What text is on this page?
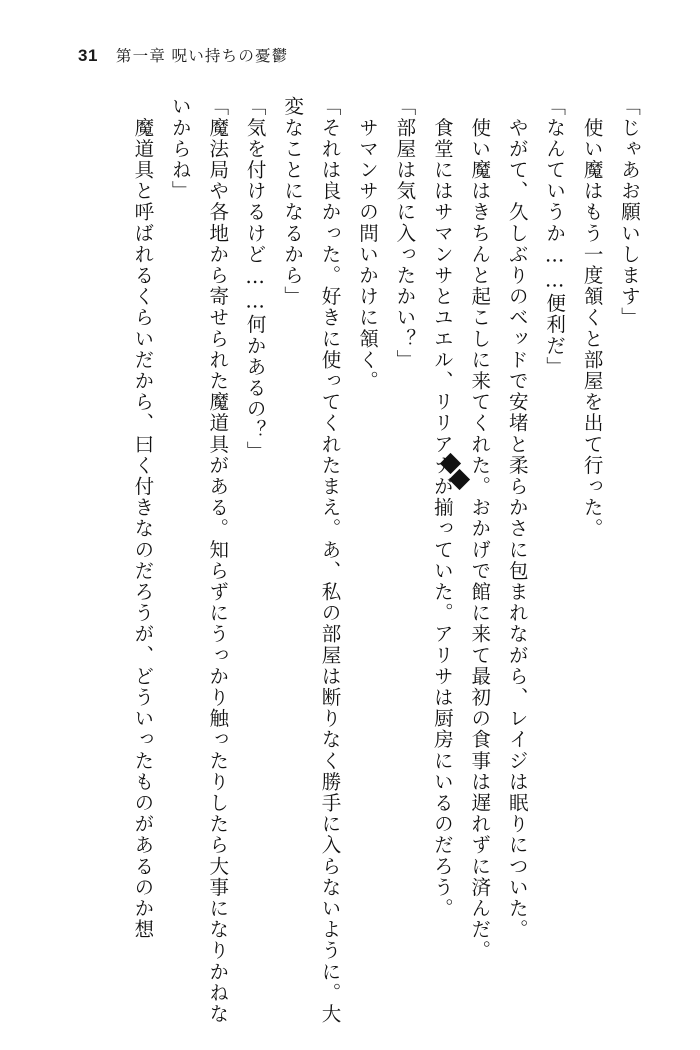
31 第一章 呪い持ちの憂鬱

「じゃあお願いします」

　使い魔はもう一度頷くと部屋を出て行った。

「なんていうか……便利だ」

　やがて、久しぶりのベッドで安堵と柔らかさに包まれながら、レイジは眠りについた。

　使い魔はきちんと起こしに来てくれた。おかげで館に来て最初の食事は遅れずに済んだ。

　食堂にはサマンサとユエル、リリアナが揃っていた。アリサは厨房にいるのだろう。

「部屋は気に入ったかい？」

　サマンサの問いかけに頷く。

「それは良かった。好きに使ってくれたまえ。あ、私の部屋は断りなく勝手に入らないように。大変なことになるから」

「気を付けるけど……何かあるの？」

「魔法局や各地から寄せられた魔道具がある。知らずにうっかり触ったりしたら大事になりかねないからね」

　魔道具と呼ばれるくらいだから、曰く付きなのだろうが、どういったものがあるのか想
